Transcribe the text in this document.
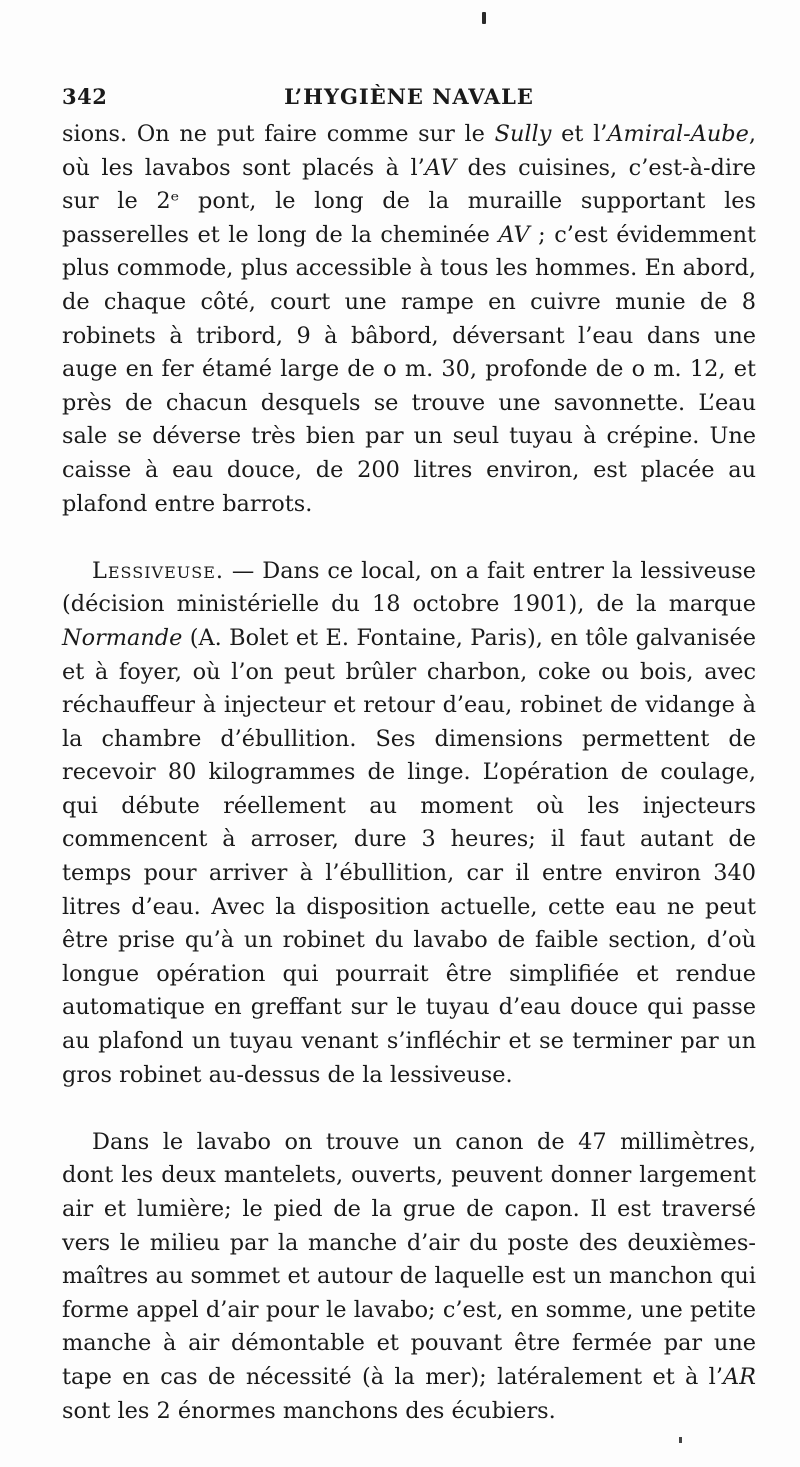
342	L’HYGIÈNE NAVALE

sions. On ne put faire comme sur le Sully et l’Amiral-Aube, où les lavabos sont placés à l’AV des cuisines, c’est-à-dire sur le 2ᵉ pont, le long de la muraille supportant les passerelles et le long de la cheminée AV ; c’est évidemment plus commode, plus accessible à tous les hommes. En abord, de chaque côté, court une rampe en cuivre munie de 8 robinets à tribord, 9 à bâbord, déversant l’eau dans une auge en fer étamé large de o m. 30, profonde de o m. 12, et près de chacun desquels se trouve une savonnette. L’eau sale se déverse très bien par un seul tuyau à crépine. Une caisse à eau douce, de 200 litres environ, est placée au plafond entre barrots.

Lessiveuse. — Dans ce local, on a fait entrer la lessiveuse (décision ministérielle du 18 octobre 1901), de la marque Normande (A. Bolet et E. Fontaine, Paris), en tôle galvanisée et à foyer, où l’on peut brûler charbon, coke ou bois, avec réchauffeur à injecteur et retour d’eau, robinet de vidange à la chambre d’ébullition. Ses dimensions permettent de recevoir 80 kilogrammes de linge. L’opération de coulage, qui débute réellement au moment où les injecteurs commencent à arroser, dure 3 heures; il faut autant de temps pour arriver à l’ébullition, car il entre environ 340 litres d’eau. Avec la disposition actuelle, cette eau ne peut être prise qu’à un robinet du lavabo de faible section, d’où longue opération qui pourrait être simplifiée et rendue automatique en greffant sur le tuyau d’eau douce qui passe au plafond un tuyau venant s’infléchir et se terminer par un gros robinet au-dessus de la lessiveuse.

Dans le lavabo on trouve un canon de 47 millimètres, dont les deux mantelets, ouverts, peuvent donner largement air et lumière; le pied de la grue de capon. Il est traversé vers le milieu par la manche d’air du poste des deuxièmes-maîtres au sommet et autour de laquelle est un manchon qui forme appel d’air pour le lavabo; c’est, en somme, une petite manche à air démontable et pouvant être fermée par une tape en cas de nécessité (à la mer); latéralement et à l’AR sont les 2 énormes manchons des écubiers.
